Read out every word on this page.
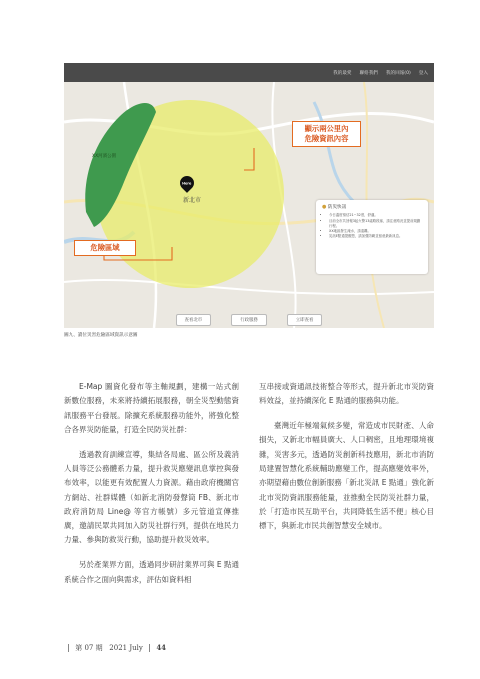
我的最愛 聯絡我們 我的回報(0) 登入
XX河濱公園
Here
新北市
顯示兩公里內
危險資訊內容
危險區域
● 防災快訊
• 今日溫度預估21~32度，舒適。
• 目前全市共回報3起火警13處路段塞，請注意路況並提前規劃行程。
• XX地區發生淹水，請遠離。
• 災訊E點通提醒您，請加強防範並留意最新訊息。
查看北市	行政服務	立即查看
圖九、讀位災害危險區域資訊示意圖

E-Map 圖資化發布等主軸規劃，建構一站式創新數位服務，未來將持續拓展服務，朝全災型動態資訊服務平台發展。除擴充系統服務功能外，將強化整合各界災防能量，打造全民防災社群：

透過教育訓練宣導，集結各局處、區公所及義消人員等泛公務體系力量，提升救災應變訊息掌控與發布效率，以能更有效配置人力資源。藉由政府機關官方網站、社群媒體（如新北消防發聲筒 FB、新北市政府消防局 Line@ 等官方帳號）多元管道宣傳推廣，邀請民眾共同加入防災社群行列，提供在地民力力量、參與防救災行動，協助提升救災效率。

另於產業界方面，透過同步研討業界可與 E 點通系統合作之面向與需求，評估如資料相

互串接或資通訊技術整合等形式，提升新北市災防資料效益，並持續深化 E 點通的服務與功能。

臺灣近年極端氣候多變，常造成市民財產、人命損失，又新北市幅員廣大、人口稠密，且地理環境複雜，災害多元，透過防災創新科技應用，新北市消防局建置智慧化系統輔助應變工作，提高應變效率外，亦期望藉由數位創新服務「新北災訊 E 點通」強化新北市災防資訊服務能量，並推動全民防災社群力量，於「打造市民互助平台，共同降低生活不便」核心目標下，與新北市民共創智慧安全城市。

第 07 期 2021 July 44
